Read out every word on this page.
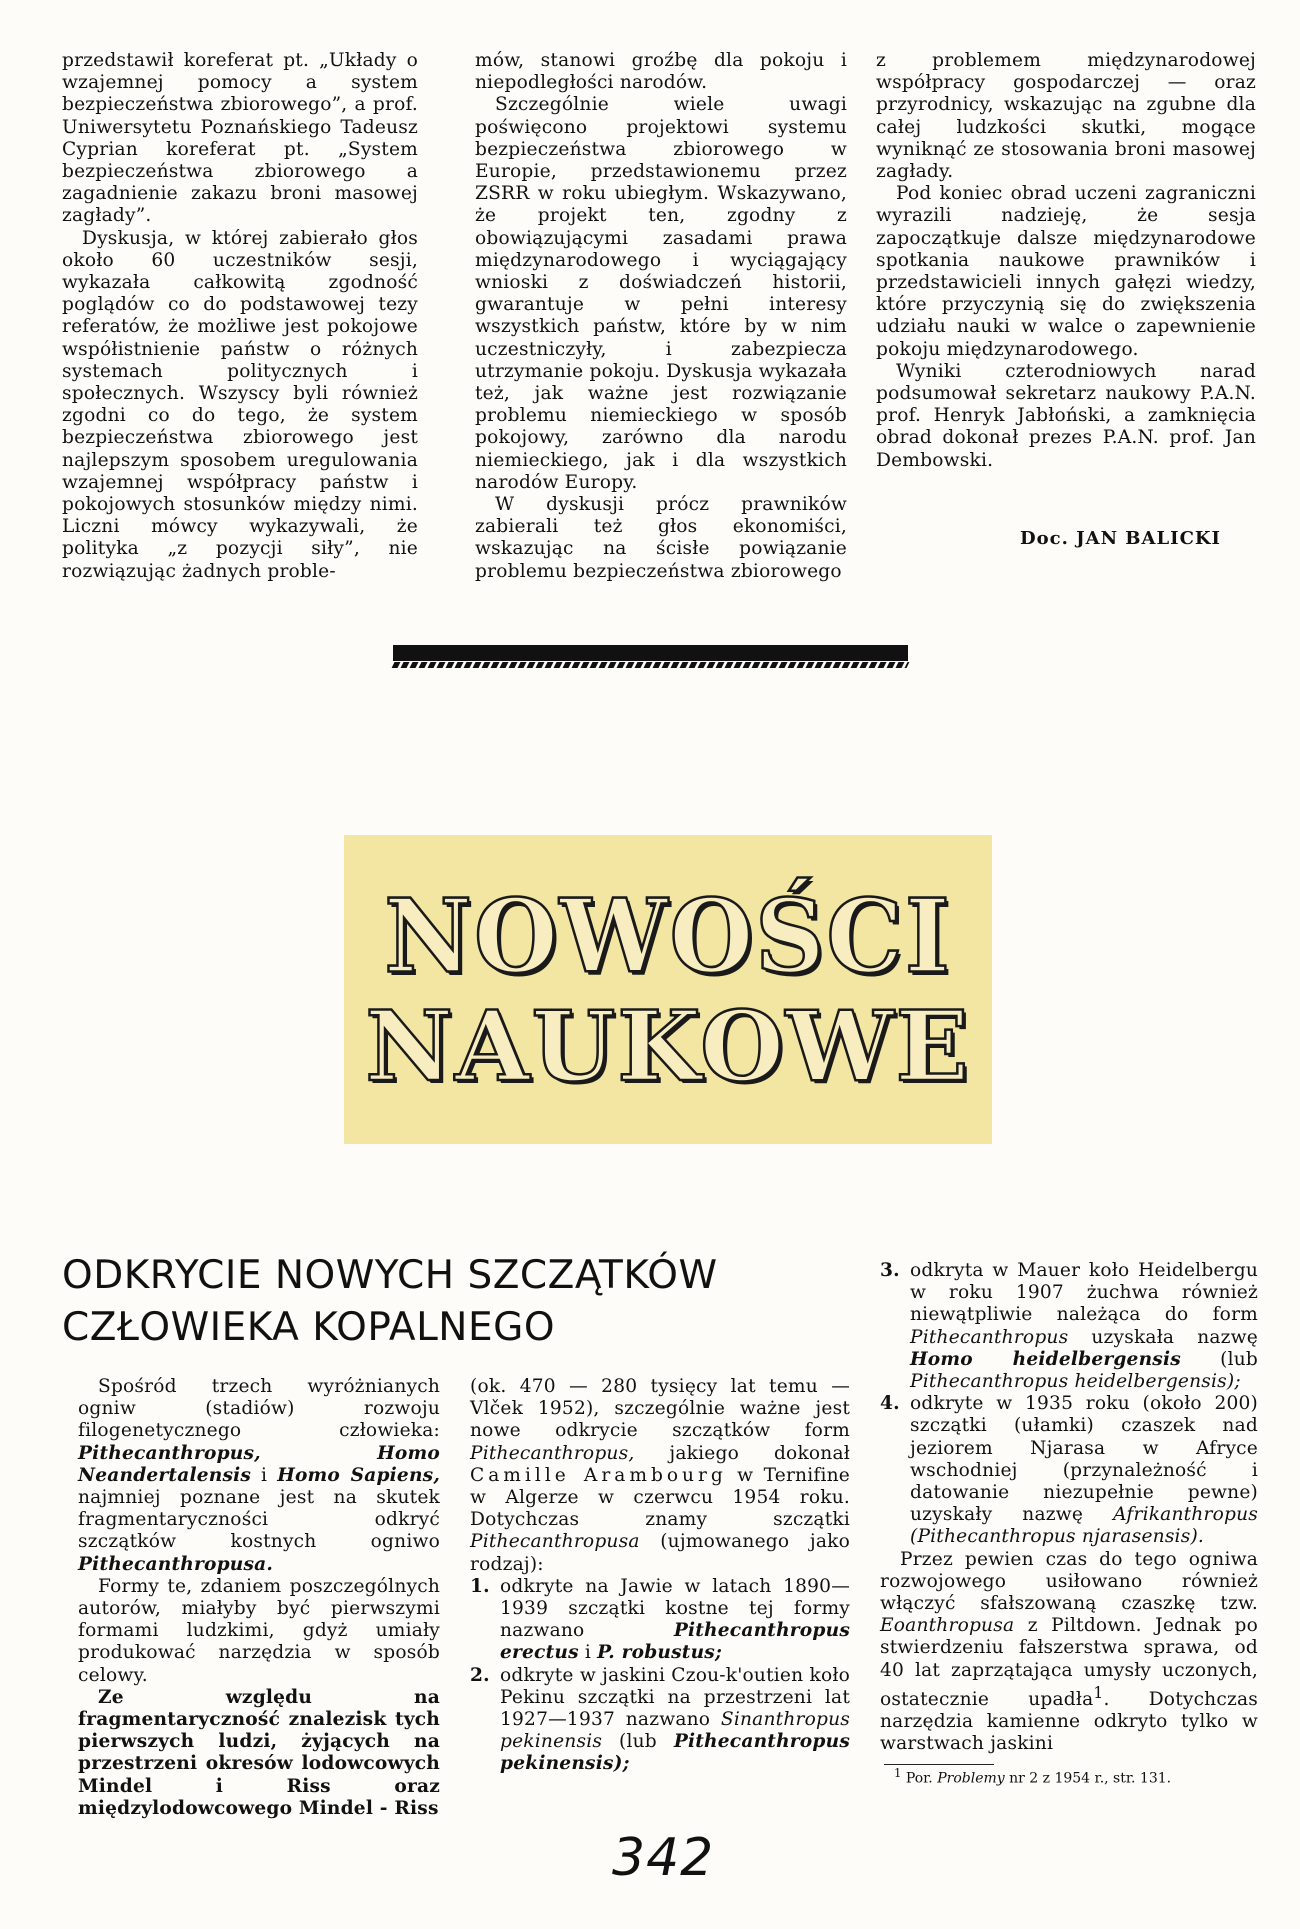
przedstawił koreferat pt. „Układy o wzajemnej pomocy a system bezpieczeństwa zbiorowego”, a prof. Uniwersytetu Poznańskiego Tadeusz Cyprian koreferat pt. „System bezpieczeństwa zbiorowego a zagadnienie zakazu broni masowej zagłady”.

Dyskusja, w której zabierało głos około 60 uczestników sesji, wykazała całkowitą zgodność poglądów co do podstawowej tezy referatów, że możliwe jest pokojowe współistnienie państw o różnych systemach politycznych i społecznych. Wszyscy byli również zgodni co do tego, że system bezpieczeństwa zbiorowego jest najlepszym sposobem uregulowania wzajemnej współpracy państw i pokojowych stosunków między nimi. Liczni mówcy wykazywali, że polityka „z pozycji siły”, nie rozwiązując żadnych proble-

mów, stanowi groźbę dla pokoju i niepodległości narodów.

Szczególnie wiele uwagi poświęcono projektowi systemu bezpieczeństwa zbiorowego w Europie, przedstawionemu przez ZSRR w roku ubiegłym. Wskazywano, że projekt ten, zgodny z obowiązującymi zasadami prawa międzynarodowego i wyciągający wnioski z doświadczeń historii, gwarantuje w pełni interesy wszystkich państw, które by w nim uczestniczyły, i zabezpiecza utrzymanie pokoju. Dyskusja wykazała też, jak ważne jest rozwiązanie problemu niemieckiego w sposób pokojowy, zarówno dla narodu niemieckiego, jak i dla wszystkich narodów Europy.

W dyskusji prócz prawników zabierali też głos ekonomiści, wskazując na ścisłe powiązanie problemu bezpieczeństwa zbiorowego

z problemem międzynarodowej współpracy gospodarczej — oraz przyrodnicy, wskazując na zgubne dla całej ludzkości skutki, mogące wyniknąć ze stosowania broni masowej zagłady.

Pod koniec obrad uczeni zagraniczni wyrazili nadzieję, że sesja zapoczątkuje dalsze międzynarodowe spotkania naukowe prawników i przedstawicieli innych gałęzi wiedzy, które przyczynią się do zwiększenia udziału nauki w walce o zapewnienie pokoju międzynarodowego.

Wyniki czterodniowych narad podsumował sekretarz naukowy P.A.N. prof. Henryk Jabłoński, a zamknięcia obrad dokonał prezes P.A.N. prof. Jan Dembowski.

Doc. JAN BALICKI
NOWOŚCI
NAUKOWE
ODKRYCIE NOWYCH SZCZĄTKÓW
CZŁOWIEKA KOPALNEGO

Spośród trzech wyróżnianych ogniw (stadiów) rozwoju filogenetycznego człowieka: Pithecanthropus, Homo Neandertalensis i Homo Sapiens, najmniej poznane jest na skutek fragmentaryczności odkryć szczątków kostnych ogniwo Pithecanthropusa.

Formy te, zdaniem poszczególnych autorów, miałyby być pierwszymi formami ludzkimi, gdyż umiały produkować narzędzia w sposób celowy.

Ze względu na fragmentaryczność znalezisk tych pierwszych ludzi, żyjących na przestrzeni okresów lodowcowych Mindel i Riss oraz międzylodowcowego Mindel - Riss

(ok. 470 — 280 tysięcy lat temu — Vlček 1952), szczególnie ważne jest nowe odkrycie szczątków form Pithecanthropus, jakiego dokonał Camille Arambourg w Ternifine w Algerze w czerwcu 1954 roku. Dotychczas znamy szczątki Pithecanthropusa (ujmowanego jako rodzaj):

1. odkryte na Jawie w latach 1890—1939 szczątki kostne tej formy nazwano Pithecanthropus erectus i P. robustus;

2. odkryte w jaskini Czou-k'outien koło Pekinu szczątki na przestrzeni lat 1927—1937 nazwano Sinanthropus pekinensis (lub Pithecanthropus pekinensis);

3. odkryta w Mauer koło Heidelbergu w roku 1907 żuchwa również niewątpliwie należąca do form Pithecanthropus uzyskała nazwę Homo heidelbergensis (lub Pithecanthropus heidelbergensis);

4. odkryte w 1935 roku (około 200) szczątki (ułamki) czaszek nad jeziorem Njarasa w Afryce wschodniej (przynależność i datowanie niezupełnie pewne) uzyskały nazwę Afrikanthropus (Pithecanthropus njarasensis).

Przez pewien czas do tego ogniwa rozwojowego usiłowano również włączyć sfałszowaną czaszkę tzw. Eoanthropusa z Piltdown. Jednak po stwierdzeniu fałszerstwa sprawa, od 40 lat zaprzątająca umysły uczonych, ostatecznie upadła$^1$. Dotychczas narzędzia kamienne odkryto tylko w warstwach jaskini

$^1$ Por. Problemy nr 2 z 1954 r., str. 131.
342
